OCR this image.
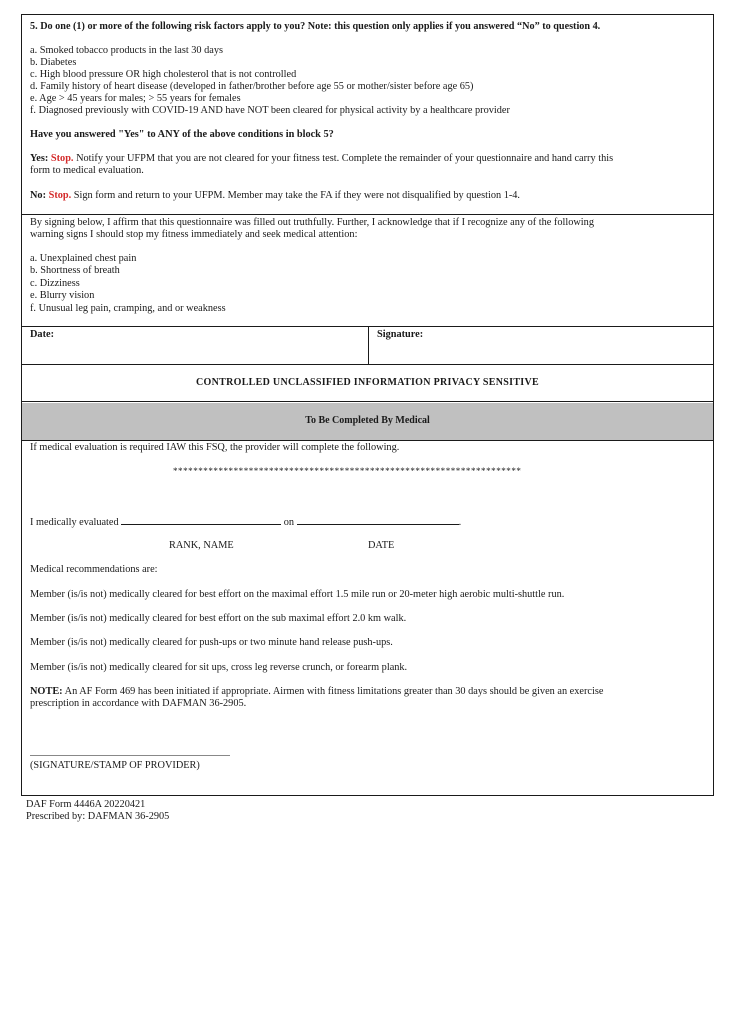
5. Do one (1) or more of the following risk factors apply to you? Note: this question only applies if you answered “No” to question 4.
a. Smoked tobacco products in the last 30 days
b. Diabetes
c. High blood pressure OR high cholesterol that is not controlled
d. Family history of heart disease (developed in father/brother before age 55 or mother/sister before age 65)
e. Age > 45 years for males; > 55 years for females
f. Diagnosed previously with COVID-19 AND have NOT been cleared for physical activity by a healthcare provider
Have you answered "Yes" to ANY of the above conditions in block 5?
Yes: Stop. Notify your UFPM that you are not cleared for your fitness test. Complete the remainder of your questionnaire and hand carry this
form to medical evaluation.
No: Stop. Sign form and return to your UFPM. Member may take the FA if they were not disqualified by question 1-4.
By signing below, I affirm that this questionnaire was filled out truthfully. Further, I acknowledge that if I recognize any of the following
warning signs I should stop my fitness immediately and seek medical attention:
a. Unexplained chest pain
b. Shortness of breath
c. Dizziness
e. Blurry vision
f. Unusual leg pain, cramping, and or weakness
Date:	Signature:
CONTROLLED UNCLASSIFIED INFORMATION PRIVACY SENSITIVE
To Be Completed By Medical
If medical evaluation is required IAW this FSQ, the provider will complete the following.
*********************************************************************
I medically evaluated	on	.
RANK, NAME	DATE
Medical recommendations are:
Member (is/is not) medically cleared for best effort on the maximal effort 1.5 mile run or 20-meter high aerobic multi-shuttle run.
Member (is/is not) medically cleared for best effort on the sub maximal effort 2.0 km walk.
Member (is/is not) medically cleared for push-ups or two minute hand release push-ups.
Member (is/is not) medically cleared for sit ups, cross leg reverse crunch, or forearm plank.
NOTE: An AF Form 469 has been initiated if appropriate. Airmen with fitness limitations greater than 30 days should be given an exercise
prescription in accordance with DAFMAN 36-2905.
(SIGNATURE/STAMP OF PROVIDER)
DAF Form 4446A 20220421
Prescribed by: DAFMAN 36-2905
